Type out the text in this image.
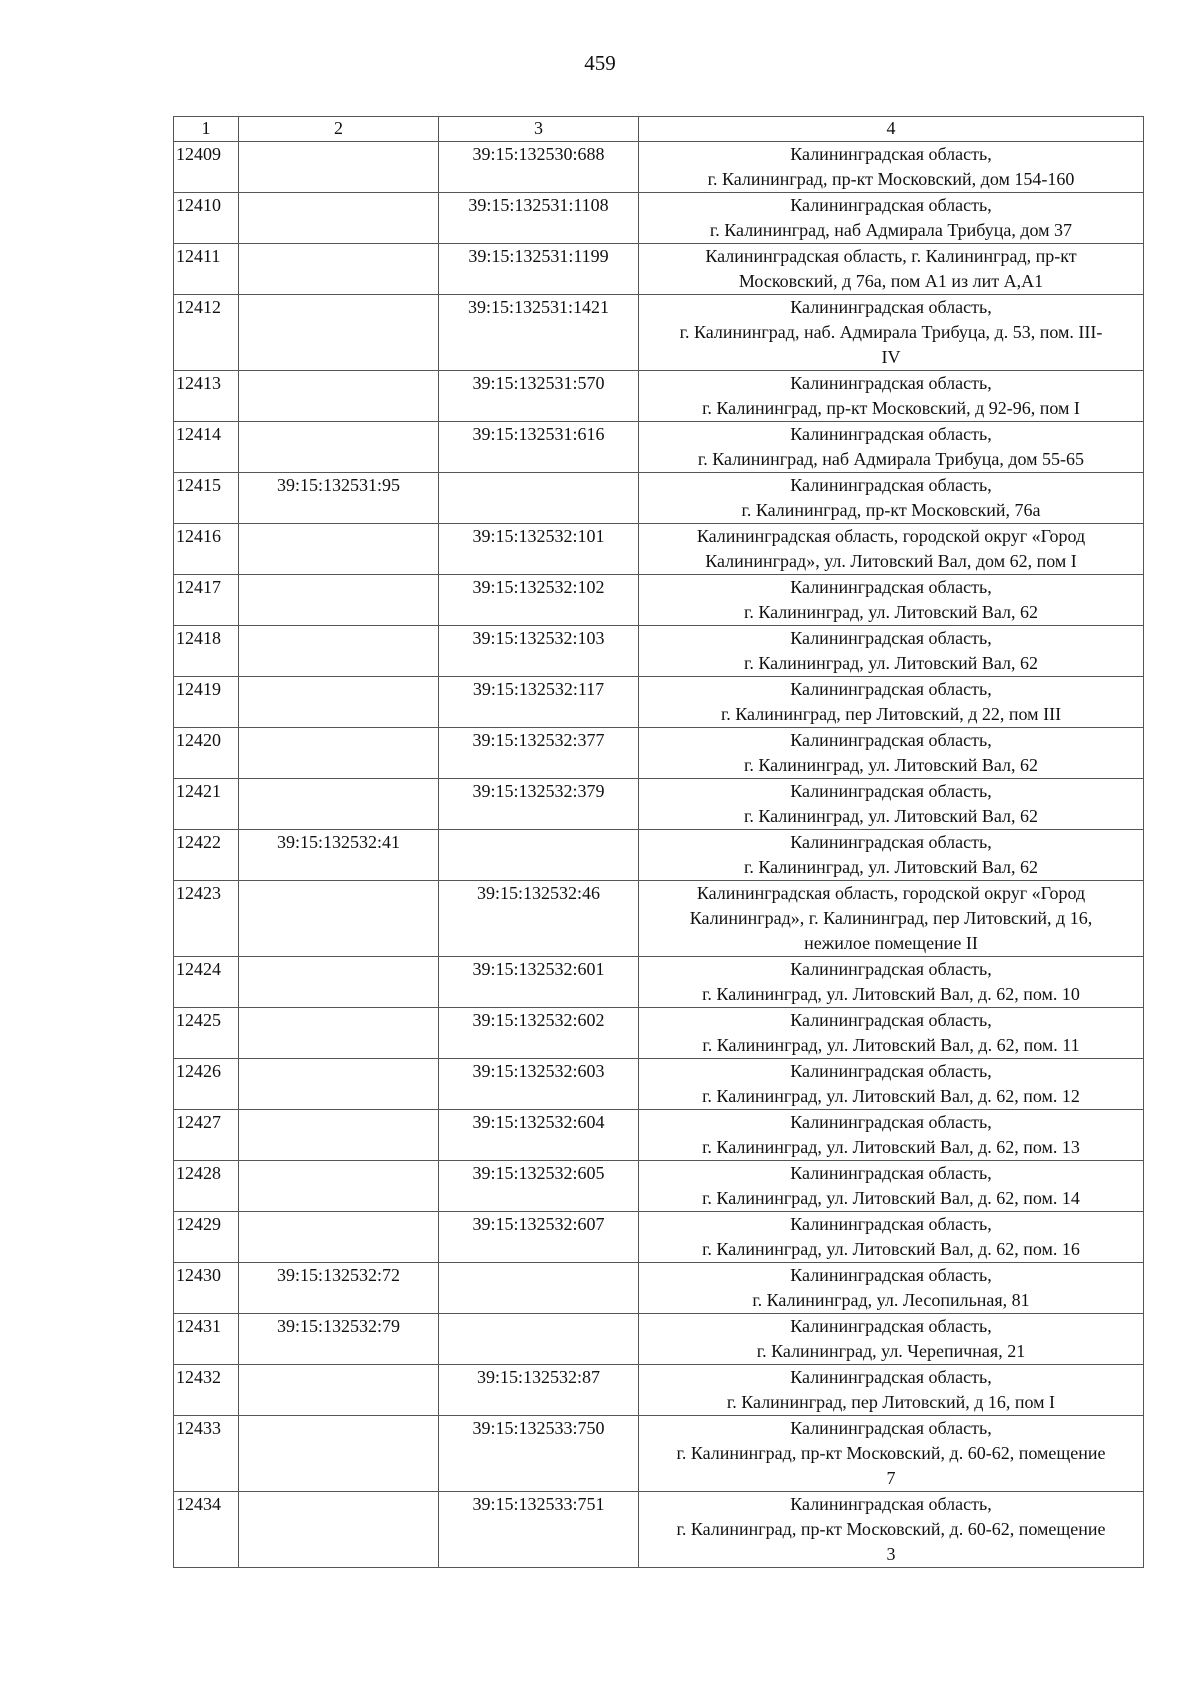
459
1	2	3	4
12409		39:15:132530:688	Калининградская область,
г. Калининград, пр-кт Московский, дом 154-160

12410		39:15:132531:1108	Калининградская область,
г. Калининград, наб Адмирала Трибуца, дом 37

12411		39:15:132531:1199	Калининградская область, г. Калининград, пр-кт
Московский, д 76а, пом А1 из лит А,А1

12412		39:15:132531:1421	Калининградская область,
г. Калининград, наб. Адмирала Трибуца, д. 53, пом. III-
IV

12413		39:15:132531:570	Калининградская область,
г. Калининград, пр-кт Московский, д 92-96, пом I

12414		39:15:132531:616	Калининградская область,
г. Калининград, наб Адмирала Трибуца, дом 55-65

12415	39:15:132531:95		Калининградская область,
г. Калининград, пр-кт Московский, 76а

12416		39:15:132532:101	Калининградская область, городской округ «Город
Калининград», ул. Литовский Вал, дом 62, пом I

12417		39:15:132532:102	Калининградская область,
г. Калининград, ул. Литовский Вал, 62

12418		39:15:132532:103	Калининградская область,
г. Калининград, ул. Литовский Вал, 62

12419		39:15:132532:117	Калининградская область,
г. Калининград, пер Литовский, д 22, пом III

12420		39:15:132532:377	Калининградская область,
г. Калининград, ул. Литовский Вал, 62

12421		39:15:132532:379	Калининградская область,
г. Калининград, ул. Литовский Вал, 62

12422	39:15:132532:41		Калининградская область,
г. Калининград, ул. Литовский Вал, 62

12423		39:15:132532:46	Калининградская область, городской округ «Город
Калининград», г. Калининград, пер Литовский, д 16,
нежилое помещение II

12424		39:15:132532:601	Калининградская область,
г. Калининград, ул. Литовский Вал, д. 62, пом. 10

12425		39:15:132532:602	Калининградская область,
г. Калининград, ул. Литовский Вал, д. 62, пом. 11

12426		39:15:132532:603	Калининградская область,
г. Калининград, ул. Литовский Вал, д. 62, пом. 12

12427		39:15:132532:604	Калининградская область,
г. Калининград, ул. Литовский Вал, д. 62, пом. 13

12428		39:15:132532:605	Калининградская область,
г. Калининград, ул. Литовский Вал, д. 62, пом. 14

12429		39:15:132532:607	Калининградская область,
г. Калининград, ул. Литовский Вал, д. 62, пом. 16

12430	39:15:132532:72		Калининградская область,
г. Калининград, ул. Лесопильная, 81

12431	39:15:132532:79		Калининградская область,
г. Калининград, ул. Черепичная, 21

12432		39:15:132532:87	Калининградская область,
г. Калининград, пер Литовский, д 16, пом I

12433		39:15:132533:750	Калининградская область,
г. Калининград, пр-кт Московский, д. 60-62, помещение
7

12434		39:15:132533:751	Калининградская область,
г. Калининград, пр-кт Московский, д. 60-62, помещение
3
